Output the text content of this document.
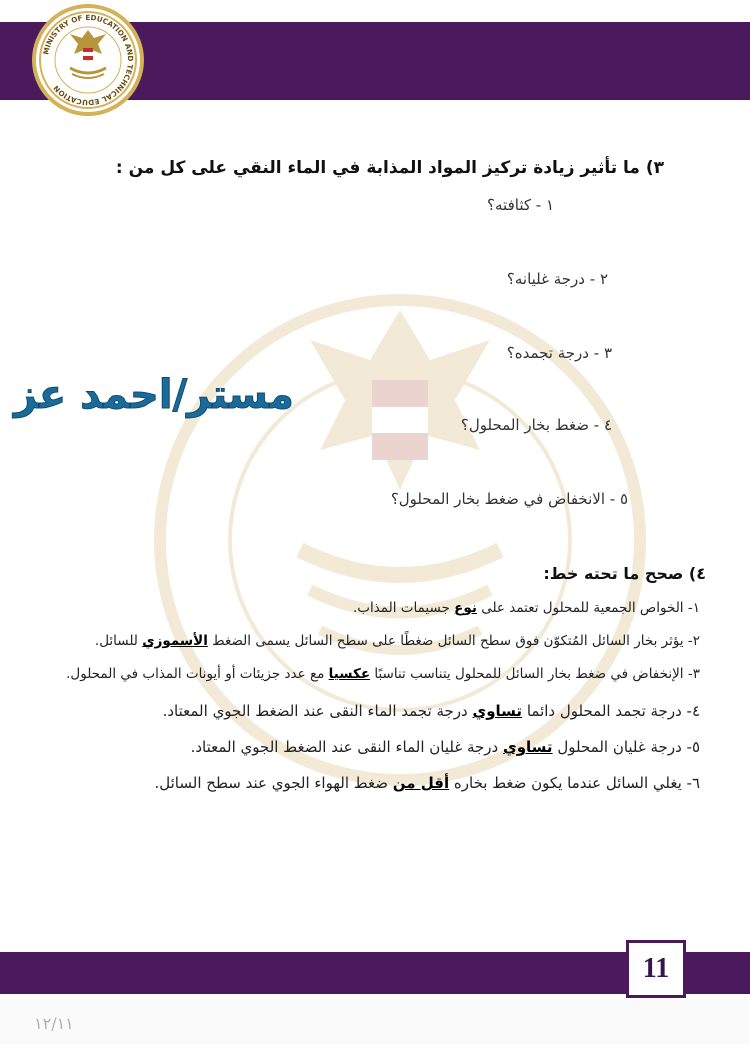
MINISTRY OF EDUCATION AND TECHNICAL EDUCATION
٣) ما تأثير زيادة تركيز المواد المذابة في الماء النقي على كل من :
١ - كثافته؟
٢ - درجة غليانه؟
٣ - درجة تجمده؟
٤ - ضغط بخار المحلول؟
٥ - الانخفاض في ضغط بخار المحلول؟
مستر/احمد عز
٤) صحح ما تحته خط:
١- الخواص الجمعية للمحلول تعتمد على نوع جسيمات المذاب.
٢- يؤثر بخار السائل المُتكوّن فوق سطح السائل ضغطًا على سطح السائل يسمى الضغط الأسموزي للسائل.
٣- الإنخفاض في ضغط بخار السائل للمحلول يتناسب تناسبًا عكسيا مع عدد جزيئات أو أيونات المذاب في المحلول.
٤- درجة تجمد المحلول دائما تساوي درجة تجمد الماء النقى عند الضغط الجوي المعتاد.
٥- درجة غليان المحلول تساوي درجة غليان الماء النقى عند الضغط الجوي المعتاد.
٦- يغلي السائل عندما يكون ضغط بخاره أقل من ضغط الهواء الجوي عند سطح السائل.
11
١٢/١١
